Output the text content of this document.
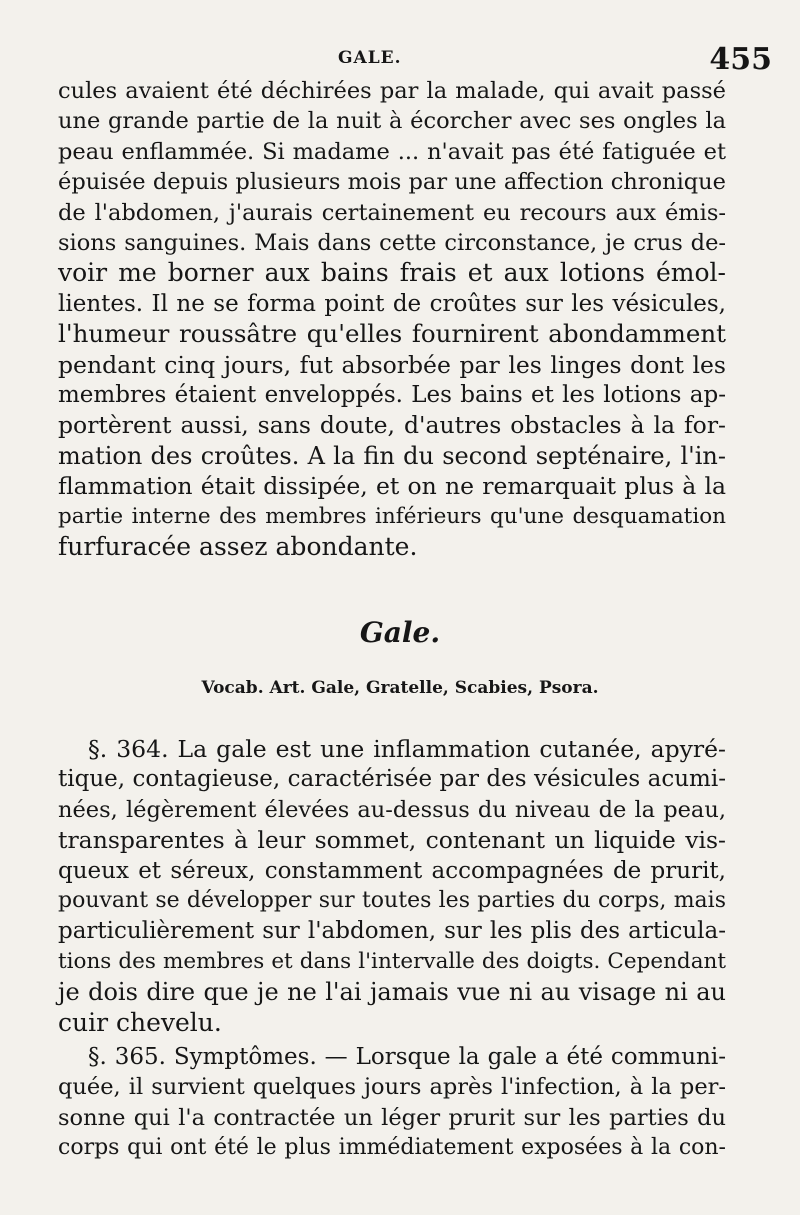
GALE.	455
cules avaient été déchirées par la malade, qui avait passé
une grande partie de la nuit à écorcher avec ses ongles la
peau enflammée. Si madame ... n'avait pas été fatiguée et
épuisée depuis plusieurs mois par une affection chronique
de l'abdomen, j'aurais certainement eu recours aux émis-
sions sanguines. Mais dans cette circonstance, je crus de-
voir me borner aux bains frais et aux lotions émol-
lientes. Il ne se forma point de croûtes sur les vésicules,
l'humeur roussâtre qu'elles fournirent abondamment
pendant cinq jours, fut absorbée par les linges dont les
membres étaient enveloppés. Les bains et les lotions ap-
portèrent aussi, sans doute, d'autres obstacles à la for-
mation des croûtes. A la fin du second septénaire, l'in-
flammation était dissipée, et on ne remarquait plus à la
partie interne des membres inférieurs qu'une desquamation
furfuracée assez abondante.
Gale.
Vocab. Art. Gale, Gratelle, Scabies, Psora.
§. 364. La gale est une inflammation cutanée, apyré-
tique, contagieuse, caractérisée par des vésicules acumi-
nées, légèrement élevées au-dessus du niveau de la peau,
transparentes à leur sommet, contenant un liquide vis-
queux et séreux, constamment accompagnées de prurit,
pouvant se développer sur toutes les parties du corps, mais
particulièrement sur l'abdomen, sur les plis des articula-
tions des membres et dans l'intervalle des doigts. Cependant
je dois dire que je ne l'ai jamais vue ni au visage ni au
cuir chevelu.
§. 365. Symptômes. — Lorsque la gale a été communi-
quée, il survient quelques jours après l'infection, à la per-
sonne qui l'a contractée un léger prurit sur les parties du
corps qui ont été le plus immédiatement exposées à la con-
